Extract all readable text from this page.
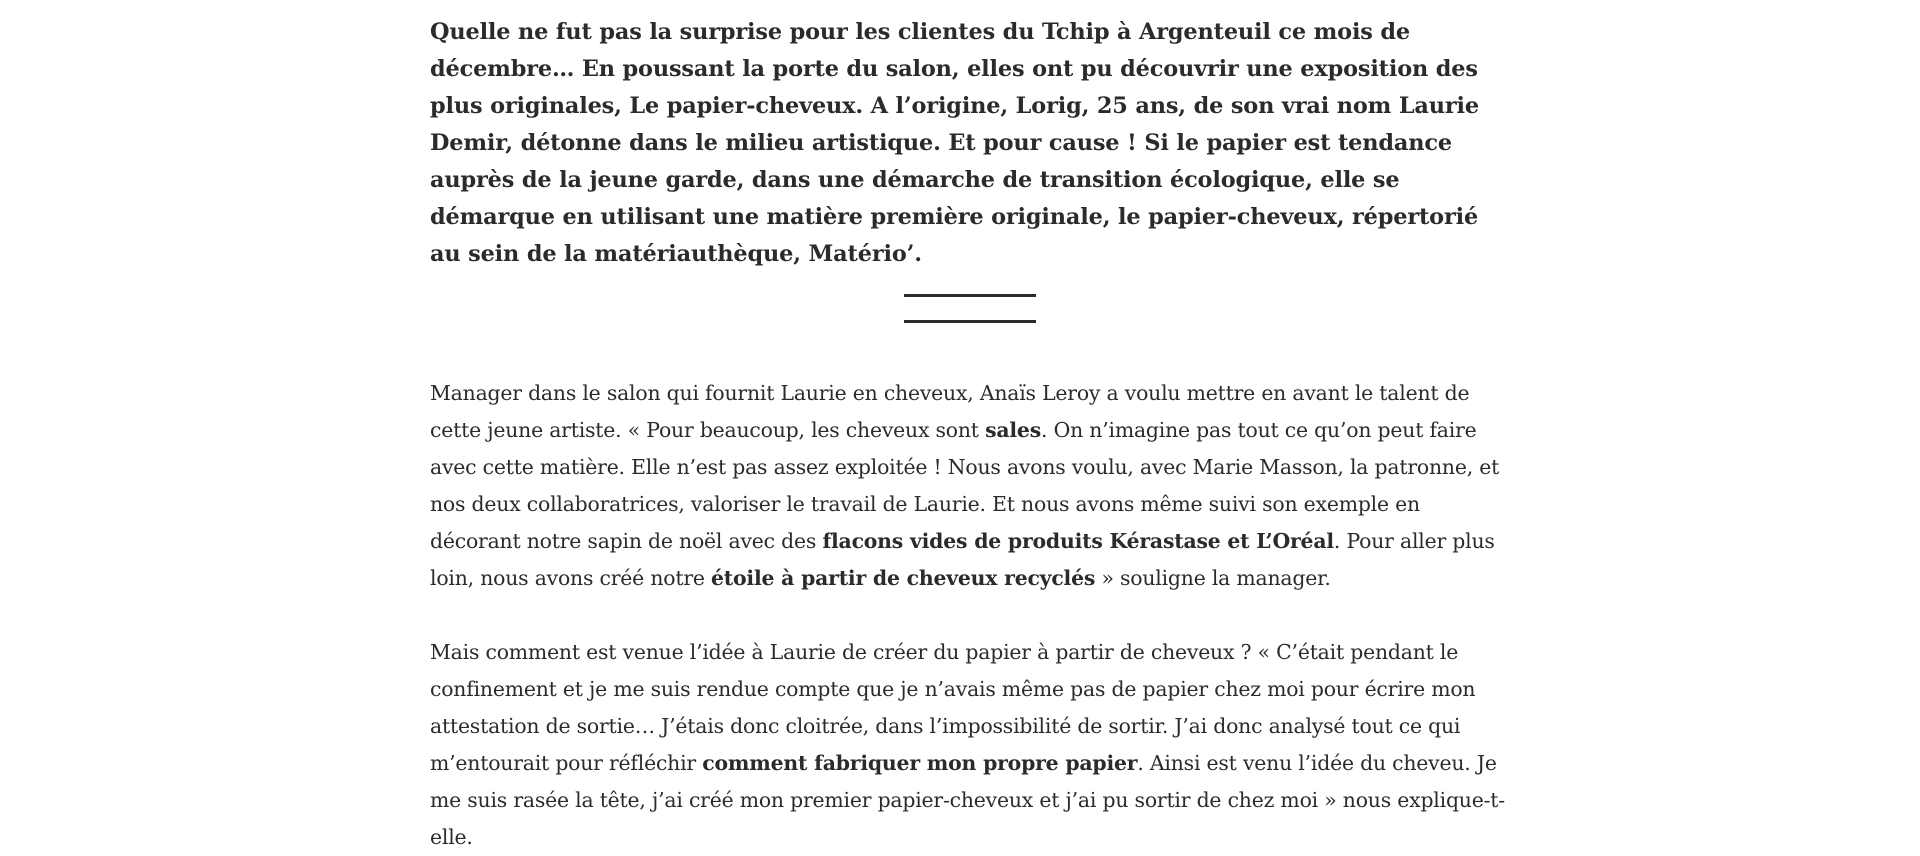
Quelle ne fut pas la surprise pour les clientes du Tchip à Argenteuil ce mois de décembre… En poussant la porte du salon, elles ont pu découvrir une exposition des plus originales, Le papier-cheveux. A l’origine, Lorig, 25 ans, de son vrai nom Laurie Demir, détonne dans le milieu artistique. Et pour cause ! Si le papier est tendance auprès de la jeune garde, dans une démarche de transition écologique, elle se démarque en utilisant une matière première originale, le papier-cheveux, répertorié au sein de la matériauthèque, Matério’.

Manager dans le salon qui fournit Laurie en cheveux, Anaïs Leroy a voulu mettre en avant le talent de cette jeune artiste. « Pour beaucoup, les cheveux sont sales. On n’imagine pas tout ce qu’on peut faire avec cette matière. Elle n’est pas assez exploitée ! Nous avons voulu, avec Marie Masson, la patronne, et nos deux collaboratrices, valoriser le travail de Laurie. Et nous avons même suivi son exemple en décorant notre sapin de noël avec des flacons vides de produits Kérastase et L’Oréal. Pour aller plus loin, nous avons créé notre étoile à partir de cheveux recyclés » souligne la manager.

Mais comment est venue l’idée à Laurie de créer du papier à partir de cheveux ? « C’était pendant le confinement et je me suis rendue compte que je n’avais même pas de papier chez moi pour écrire mon attestation de sortie… J’étais donc cloitrée, dans l’impossibilité de sortir. J’ai donc analysé tout ce qui m’entourait pour réfléchir comment fabriquer mon propre papier. Ainsi est venu l’idée du cheveu. Je me suis rasée la tête, j’ai créé mon premier papier-cheveux et j’ai pu sortir de chez moi » nous explique-t-elle.
